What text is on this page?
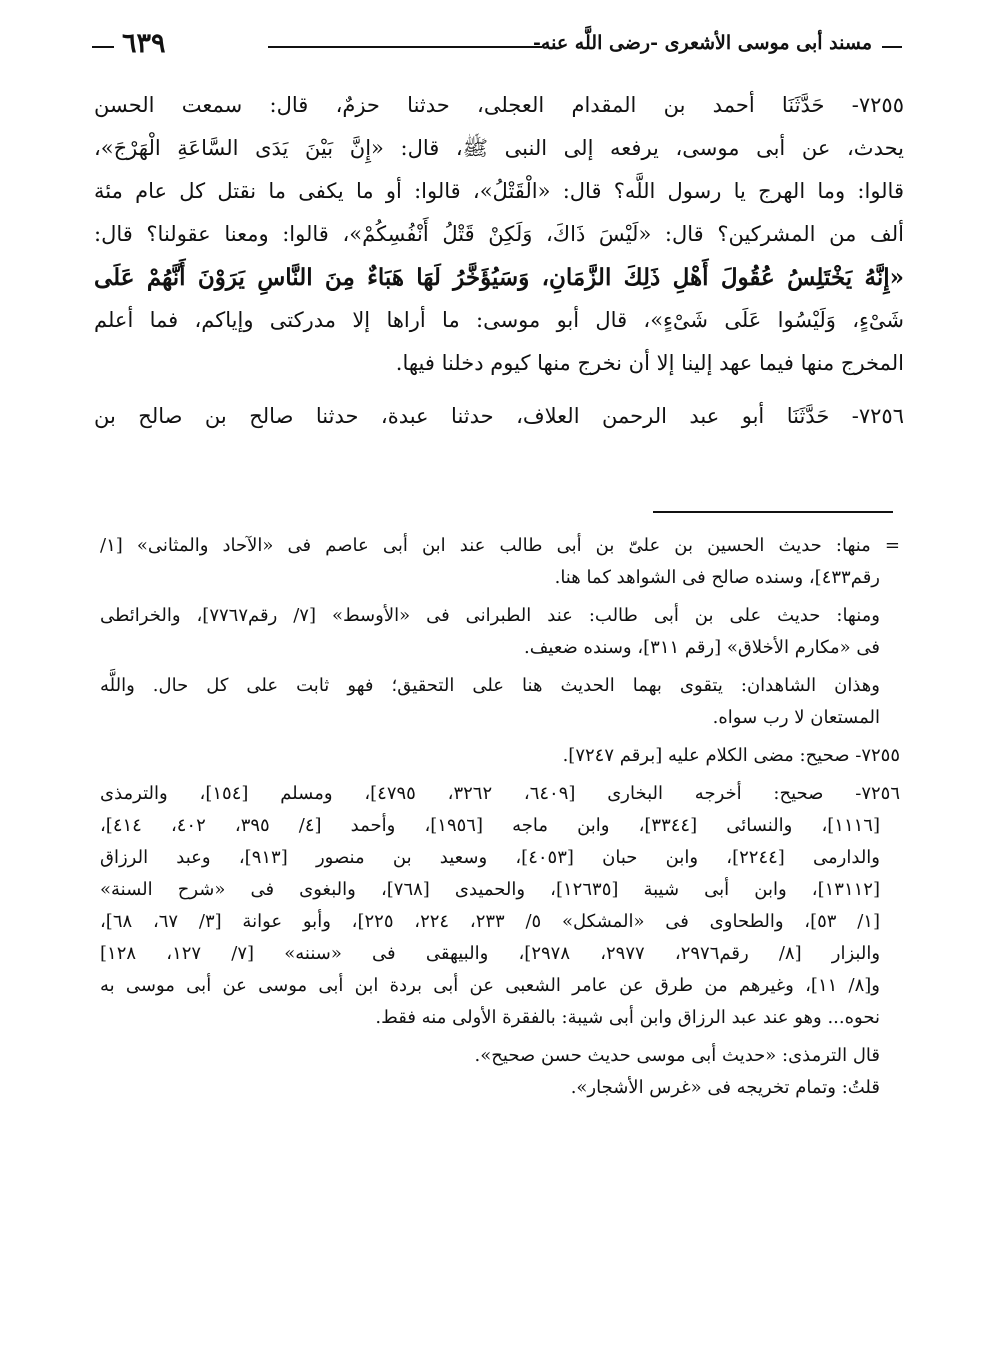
مسند أبى موسى الأشعرى -رضى اللَّه عنه-
٦٣٩
٧٢٥٥- حَدَّثَنَا أحمد بن المقدام العجلى، حدثنا حزمٌ، قال: سمعت الحسن
يحدث، عن أبى موسى، يرفعه إلى النبى ﷺ، قال: «إِنَّ بَيْنَ يَدَى السَّاعَةِ الْهَرْجَ»،
قالوا: وما الهرج يا رسول اللَّه؟ قال: «الْقَتْلُ»، قالوا: أو ما يكفى ما نقتل كل عام مئة
ألف من المشركين؟ قال: «لَيْسَ ذَاكَ، وَلَكِنْ قَتْلُ أَنْفُسِكُمْ»، قالوا: ومعنا عقولنا؟ قال:
«إِنَّهُ يَخْتَلِسُ عُقُولَ أَهْلِ ذَلِكَ الزَّمَانِ، وَسَيُؤَخَّرُ لَهَا هَبَاءٌ مِنَ النَّاسِ يَرَوْنَ أَنَّهُمْ عَلَى
شَىْءٍ، وَلَيْسُوا عَلَى شَىْءٍ»، قال أبو موسى: ما أراها إلا مدركتى وإياكم، فما أعلم
المخرج منها فيما عهد إلينا إلا أن نخرج منها كيوم دخلنا فيها.
٧٢٥٦- حَدَّثَنَا أبو عبد الرحمن العلاف، حدثنا عبدة، حدثنا صالح بن صالح بن
= منها: حديث الحسين بن علىّ بن أبى طالب عند ابن أبى عاصم فى «الآحاد والمثانى» [١/
رقم٤٣٣]، وسنده صالح فى الشواهد كما هنا.
ومنها: حديث على بن أبى طالب: عند الطبرانى فى «الأوسط» [٧/ رقم٧٧٦٧]، والخرائطى
فى «مكارم الأخلاق» [رقم ٣١١]، وسنده ضعيف.
وهذان الشاهدان: يتقوى بهما الحديث هنا على التحقيق؛ فهو ثابت على كل حال. واللَّه
المستعان لا رب سواه.
٧٢٥٥- صحيح: مضى الكلام عليه [برقم ٧٢٤٧].
٧٢٥٦- صحيح: أخرجه البخارى [٦٤٠٩، ٣٢٦٢، ٤٧٩٥]، ومسلم [١٥٤]، والترمذى
[١١١٦]، والنسائى [٣٣٤٤]، وابن ماجه [١٩٥٦]، وأحمد [٤/ ٣٩٥، ٤٠٢، ٤١٤]،
والدارمى [٢٢٤٤]، وابن حبان [٤٠٥٣]، وسعيد بن منصور [٩١٣]، وعبد الرزاق
[١٣١١٢]، وابن أبى شيبة [١٢٦٣٥]، والحميدى [٧٦٨]، والبغوى فى «شرح السنة»
[١/ ٥٣]، والطحاوى فى «المشكل» ٥/ ٢٣٣، ٢٢٤، ٢٢٥]، وأبو عوانة [٣/ ٦٧، ٦٨]،
والبزار [٨/ رقم٢٩٧٦، ٢٩٧٧، ٢٩٧٨]، والبيهقى فى «سننه» [٧/ ١٢٧، ١٢٨]
و[٨/ ١١]، وغيرهم من طرق عن عامر الشعبى عن أبى بردة ابن أبى موسى عن أبى موسى به
نحوه... وهو عند عبد الرزاق وابن أبى شيبة: بالفقرة الأولى منه فقط.
قال الترمذى: «حديث أبى موسى حديث حسن صحيح».
قلتُ: وتمام تخريجه فى «غرس الأشجار».
